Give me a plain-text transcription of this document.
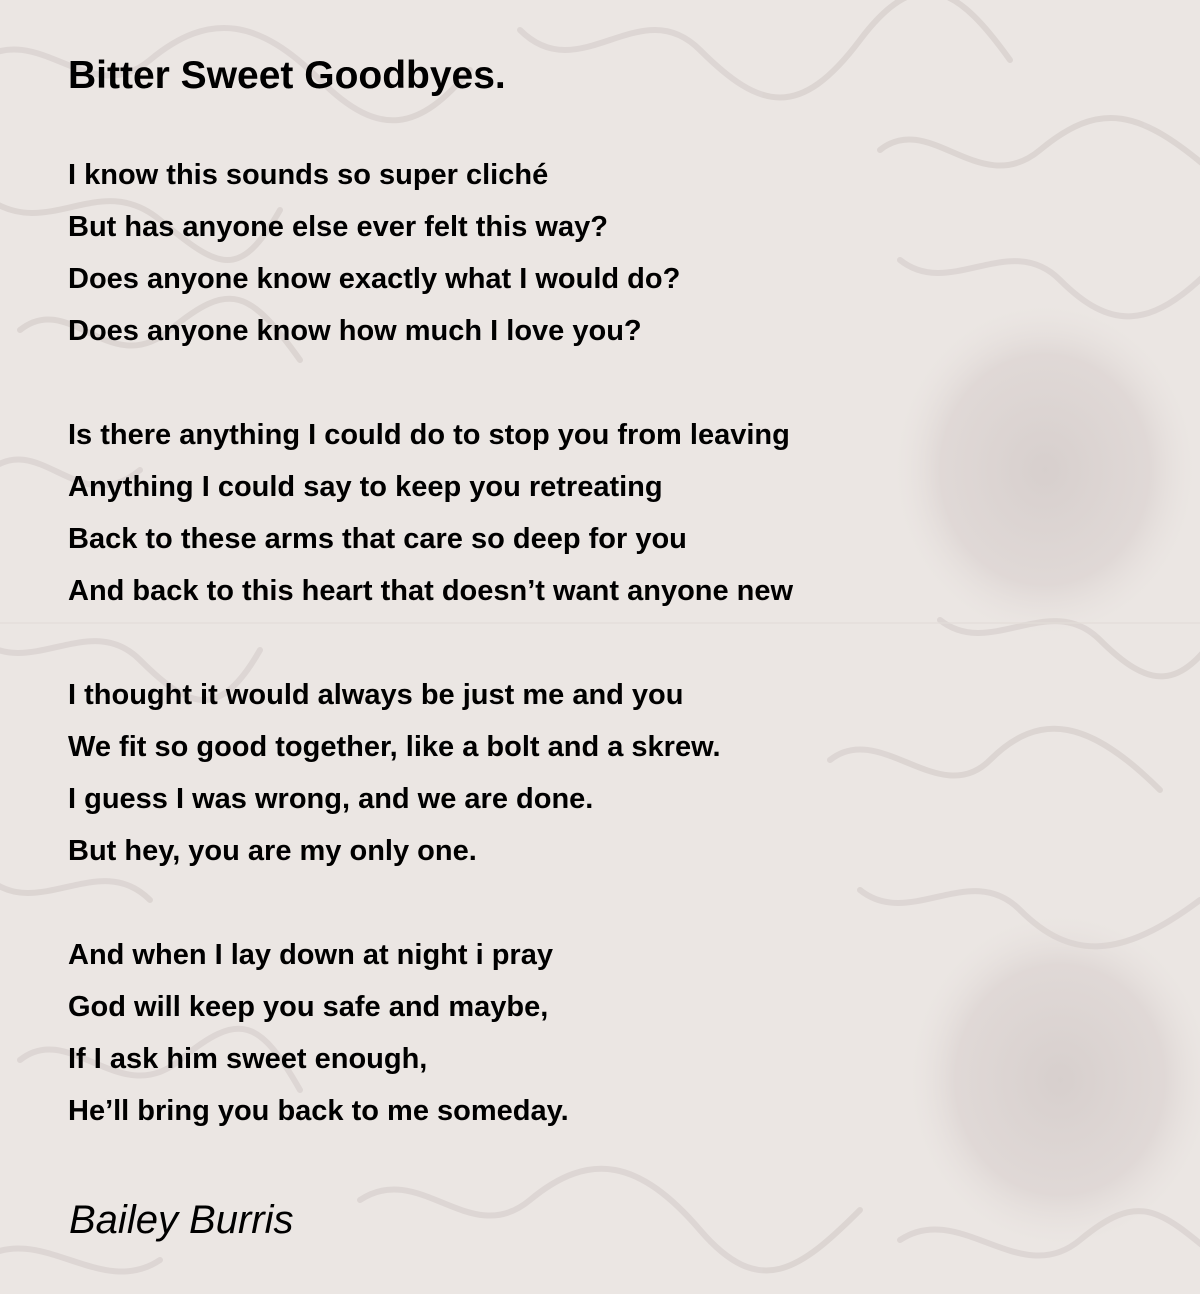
Bitter Sweet Goodbyes.
I know this sounds so super cliché
But has anyone else ever felt this way?
Does anyone know exactly what I would do?
Does anyone know how much I love you?
Is there anything I could do to stop you from leaving
Anything I could say to keep you retreating
Back to these arms that care so deep for you
And back to this heart that doesn’t want anyone new
I thought it would always be just me and you
We fit so good together, like a bolt and a skrew.
I guess I was wrong, and we are done.
But hey, you are my only one.
And when I lay down at night i pray
God will keep you safe and maybe,
If I ask him sweet enough,
He’ll bring you back to me someday.

Bailey Burris
